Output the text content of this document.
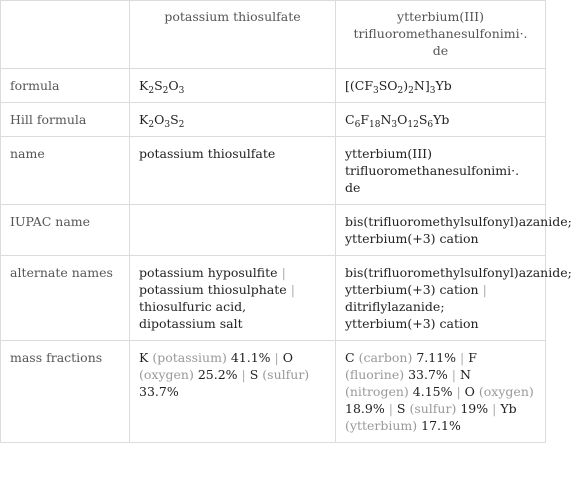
	potassium thiosulfate	ytterbium(III)
trifluoromethanesulfonimi·.
de
formula	$K_2S_2O_3$	$[(CF_3SO_2)_2N]_3Yb$
Hill formula	$K_2O_3S_2$	$C_6F_{18}N_3O_{12}S_6Yb$
name	potassium thiosulfate	ytterbium(III)
trifluoromethanesulfonimi·.
de
IUPAC name		bis(trifluoromethylsulfonyl)azanide; ytterbium(+3) cation
alternate names	potassium hyposulfite | potassium thiosulphate | thiosulfuric acid, dipotassium salt	bis(trifluoromethylsulfonyl)azanide; ytterbium(+3) cation | ditriflylazanide; ytterbium(+3) cation
mass fractions	K (potassium) 41.1% | O (oxygen) 25.2% | S (sulfur) 33.7%	C (carbon) 7.11% | F (fluorine) 33.7% | N (nitrogen) 4.15% | O (oxygen) 18.9% | S (sulfur) 19% | Yb (ytterbium) 17.1%
